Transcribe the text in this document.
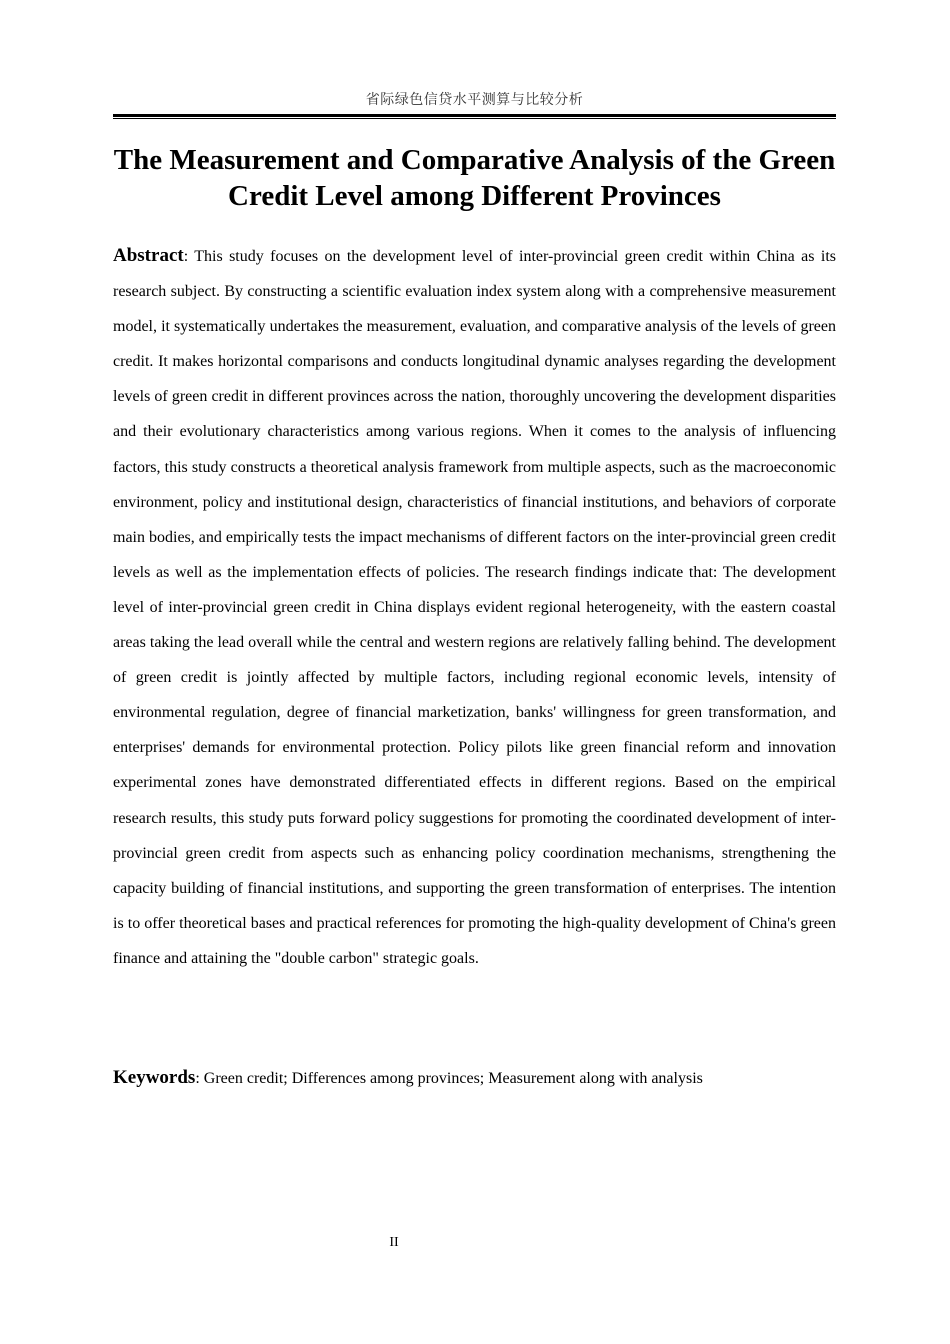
省际绿色信贷水平测算与比较分析
The Measurement and Comparative Analysis of the Green Credit Level among Different Provinces

Abstract: This study focuses on the development level of inter-provincial green credit within China as its research subject. By constructing a scientific evaluation index system along with a comprehensive measurement model, it systematically undertakes the measurement, evaluation, and comparative analysis of the levels of green credit. It makes horizontal comparisons and conducts longitudinal dynamic analyses regarding the development levels of green credit in different provinces across the nation, thoroughly uncovering the development disparities and their evolutionary characteristics among various regions. When it comes to the analysis of influencing factors, this study constructs a theoretical analysis framework from multiple aspects, such as the macroeconomic environment, policy and institutional design, characteristics of financial institutions, and behaviors of corporate main bodies, and empirically tests the impact mechanisms of different factors on the inter-provincial green credit levels as well as the implementation effects of policies. The research findings indicate that: The development level of inter-provincial green credit in China displays evident regional heterogeneity, with the eastern coastal areas taking the lead overall while the central and western regions are relatively falling behind. The development of green credit is jointly affected by multiple factors, including regional economic levels, intensity of environmental regulation, degree of financial marketization, banks' willingness for green transformation, and enterprises' demands for environmental protection. Policy pilots like green financial reform and innovation experimental zones have demonstrated differentiated effects in different regions. Based on the empirical research results, this study puts forward policy suggestions for promoting the coordinated development of inter-provincial green credit from aspects such as enhancing policy coordination mechanisms, strengthening the capacity building of financial institutions, and supporting the green transformation of enterprises. The intention is to offer theoretical bases and practical references for promoting the high-quality development of China's green finance and attaining the "double carbon" strategic goals.

Keywords: Green credit; Differences among provinces; Measurement along with analysis

II
